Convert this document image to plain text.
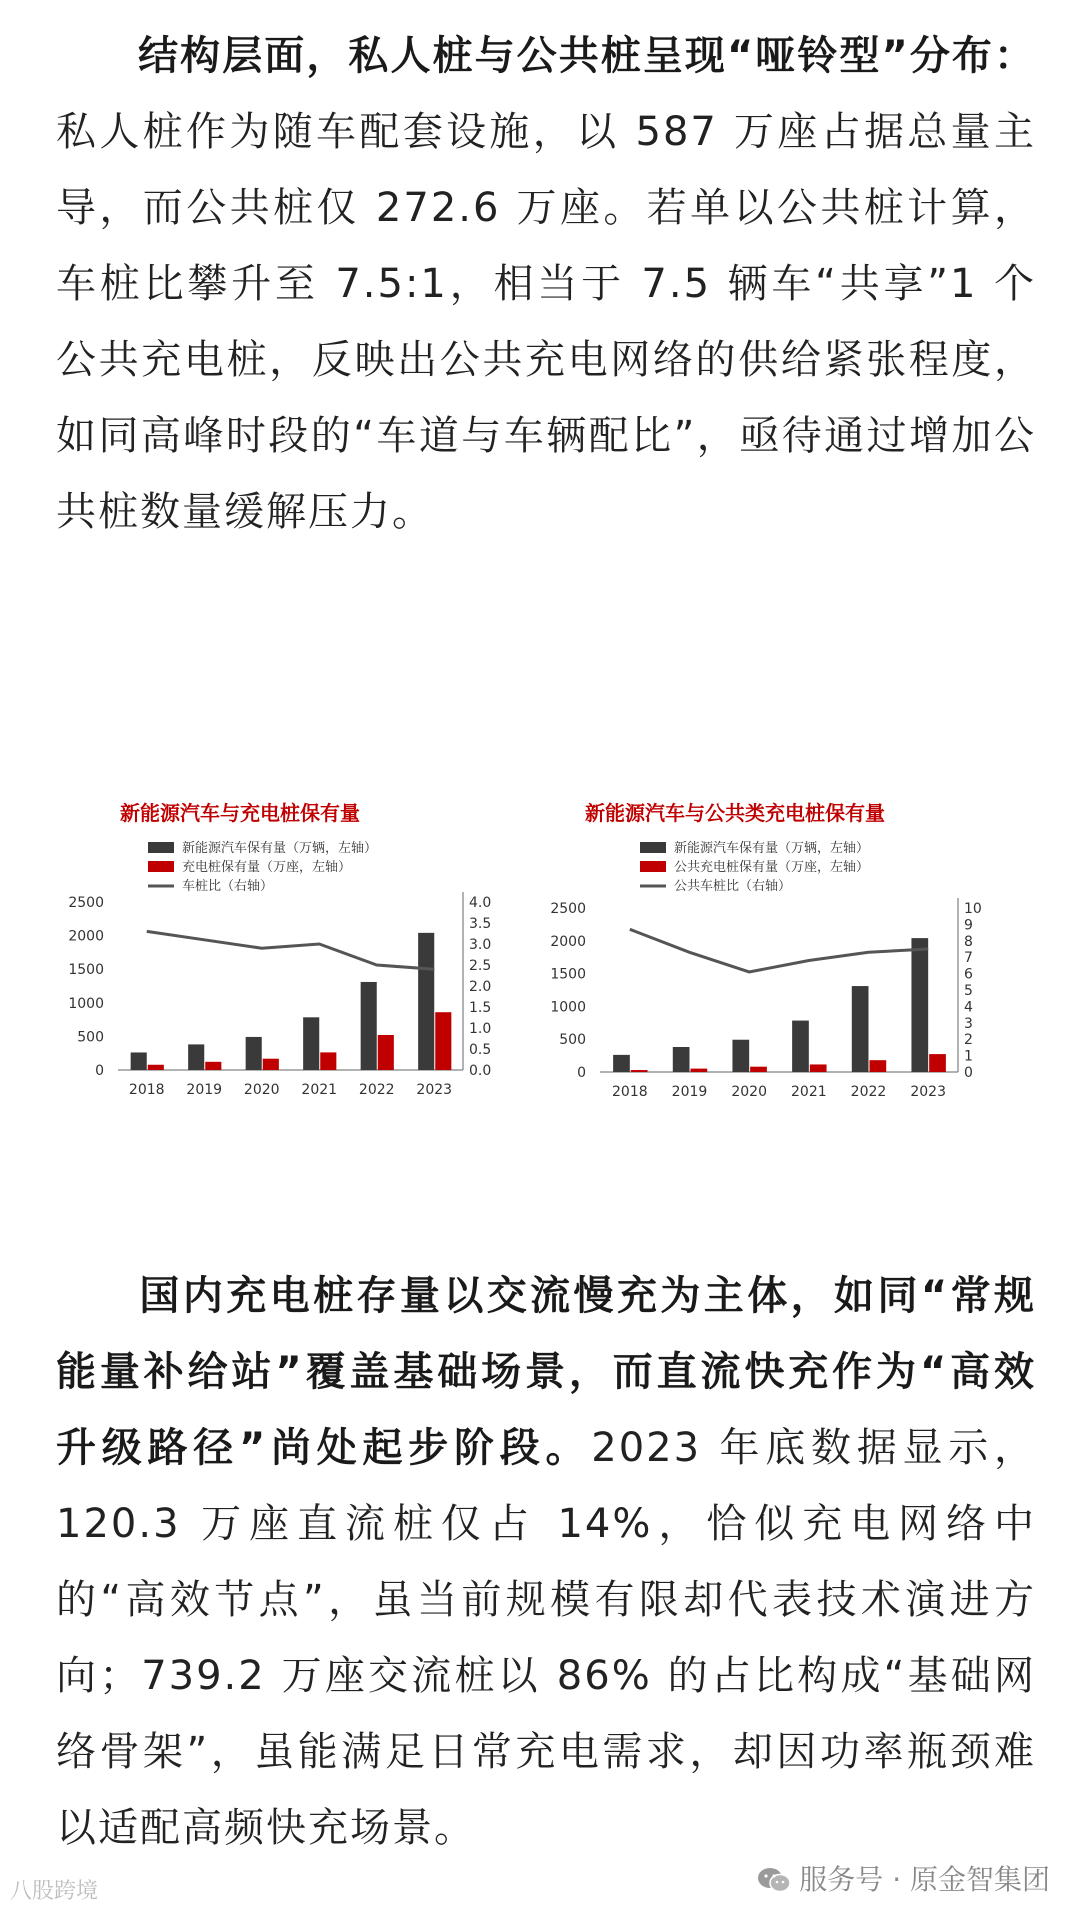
结构层面，私人桩与公共桩呈现“哑铃型”分布：私人桩作为随车配套设施，以 587 万座占据总量主导，而公共桩仅 272.6 万座。若单以公共桩计算，车桩比攀升至 7.5:1，相当于 7.5 辆车“共享”1 个公共充电桩，反映出公共充电网络的供给紧张程度，如同高峰时段的“车道与车辆配比”，亟待通过增加公共桩数量缓解压力。

新能源汽车与充电桩保有量
新能源汽车保有量（万辆，左轴）
充电桩保有量（万座，左轴）
车桩比（右轴）
0
500
1000
1500
2000
2500
0.0
0.5
1.0
1.5
2.0
2.5
3.0
3.5
4.0
2018 2019 2020 2021 2022 2023
新能源汽车与公共类充电桩保有量
新能源汽车保有量（万辆，左轴）
公共充电桩保有量（万座，左轴）
公共车桩比（右轴）
0
500
1000
1500
2000
2500
0
1
2
3
4
5
6
7
8
9
10
2018 2019 2020 2021 2022 2023

国内充电桩存量以交流慢充为主体，如同“常规能量补给站”覆盖基础场景，而直流快充作为“高效升级路径”尚处起步阶段。2023 年底数据显示，120.3 万座直流桩仅占 14%，恰似充电网络中的“高效节点”，虽当前规模有限却代表技术演进方向；739.2 万座交流桩以 86% 的占比构成“基础网络骨架”，虽能满足日常充电需求，却因功率瓶颈难以适配高频快充场景。

八股跨境	服务号 · 原金智集团
